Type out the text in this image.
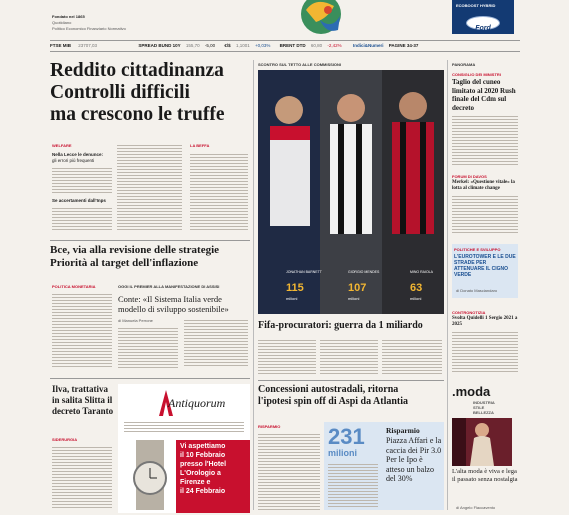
Fondato nel 1865
Quotidiano
Politico Economico Finanziario Normativo
ECOBOOST HYBRID
Ford
FTSE MIB 23707,03	SPREAD BUND 10Y 155,70 -5,00 €/$ 1,1001 +0,03% BRENT DTD 60,80 -2,42%	Indici&Numeri PAGINE 34-37
Reddito cittadinanza
Controlli difficili
ma crescono le truffe
WELFARE
Nella Lecce le denunce:
gli errori più frequenti
Se accertamenti dall'Inps
LA BEFFA
Bce, via alla revisione delle strategie
Priorità al target dell'inflazione
POLITICA MONETARIA	OGGI IL PREMIER ALLA MANIFESTAZIONE DI ASSISI
Conte: «Il Sistema Italia verde modello di sviluppo sostenibile»
di Manuela Perrone
Ilva, trattativa in salita Slitta il decreto Taranto
SIDERURGIA
Antiquorum
Vi aspettiamo
il 10 Febbraio
presso l'Hotel
L'Orologio a
Firenze e
il 24 Febbraio
SCONTRO SUL TETTO ALLE COMMISSIONI
JONATHAN BARNETT
115
milioni
GIORGIO MENDES
107
milioni
MINO RAIOLA
63
milioni
Fifa-procuratori: guerra da 1 miliardo
Concessioni autostradali, ritorna
l'ipotesi spin off di Aspi da Atlantia
RISPARMIO 231
milioni
Risparmio
Piazza Affari e la caccia dei Pir 3.0 Per le Ipo è atteso un balzo del 30%
PANORAMA
CONSIGLIO DEI MINISTRI
Taglio del cuneo limitato al 2020 Rush finale del Cdm sul decreto
FORUM DI DAVOS
Merkel: «Questione vitale» la lotta al climate change
POLITICHE E SVILUPPO
L'EUROTOWER E LE DUE STRADE PER ATTENUARE IL CIGNO VERDE
di Donato Masciandaro
CONTRONOTIZIA
Svolta Quidelli 1 Sergio 2021 a 2025
.moda
INDUSTRIA
STILE
BELLEZZA
L'alta moda è viva e lega il passato senza nostalgia
di Angelo Flaccavento
